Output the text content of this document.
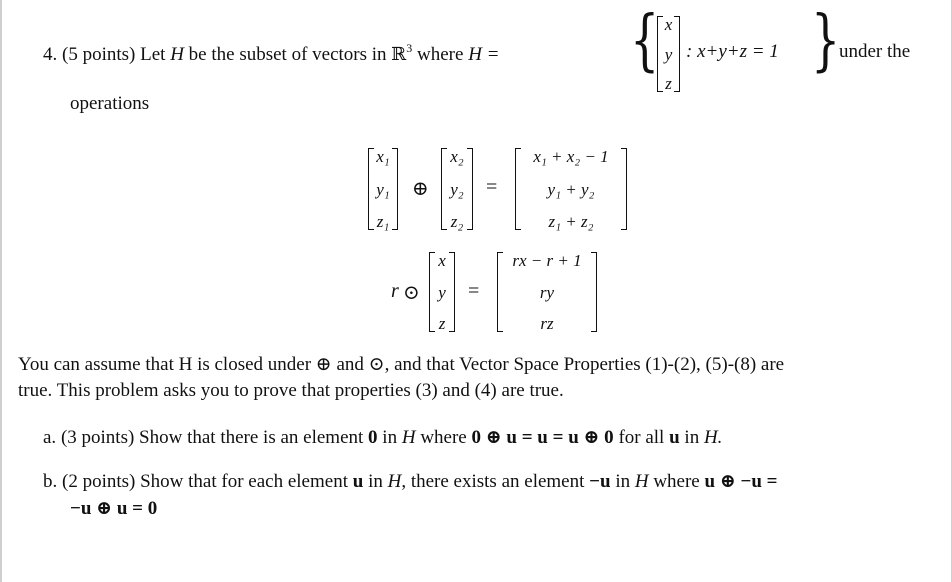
4. (5 points) Let H be the subset of vectors in ℝ$^3$ where H =	{ x
y
z
: x+y+z = 1 }
under the
operations
x₁
y₁
z₁
⊕
x₂
y₂
z₂
=
x₁ + x₂ − 1
y₁ + y₂
z₁ + z₂
r ⊙
x
y
z
=
rx − r + 1
ry
rz
You can assume that H is closed under ⊕ and ⊙, and that Vector Space Properties (1)-(2), (5)-(8) are
true. This problem asks you to prove that properties (3) and (4) are true.
a. (3 points) Show that there is an element 0 in H where 0 ⊕ u = u = u ⊕ 0 for all u in H.
b. (2 points) Show that for each element u in H, there exists an element −u in H where u ⊕ −u =
−u ⊕ u = 0
